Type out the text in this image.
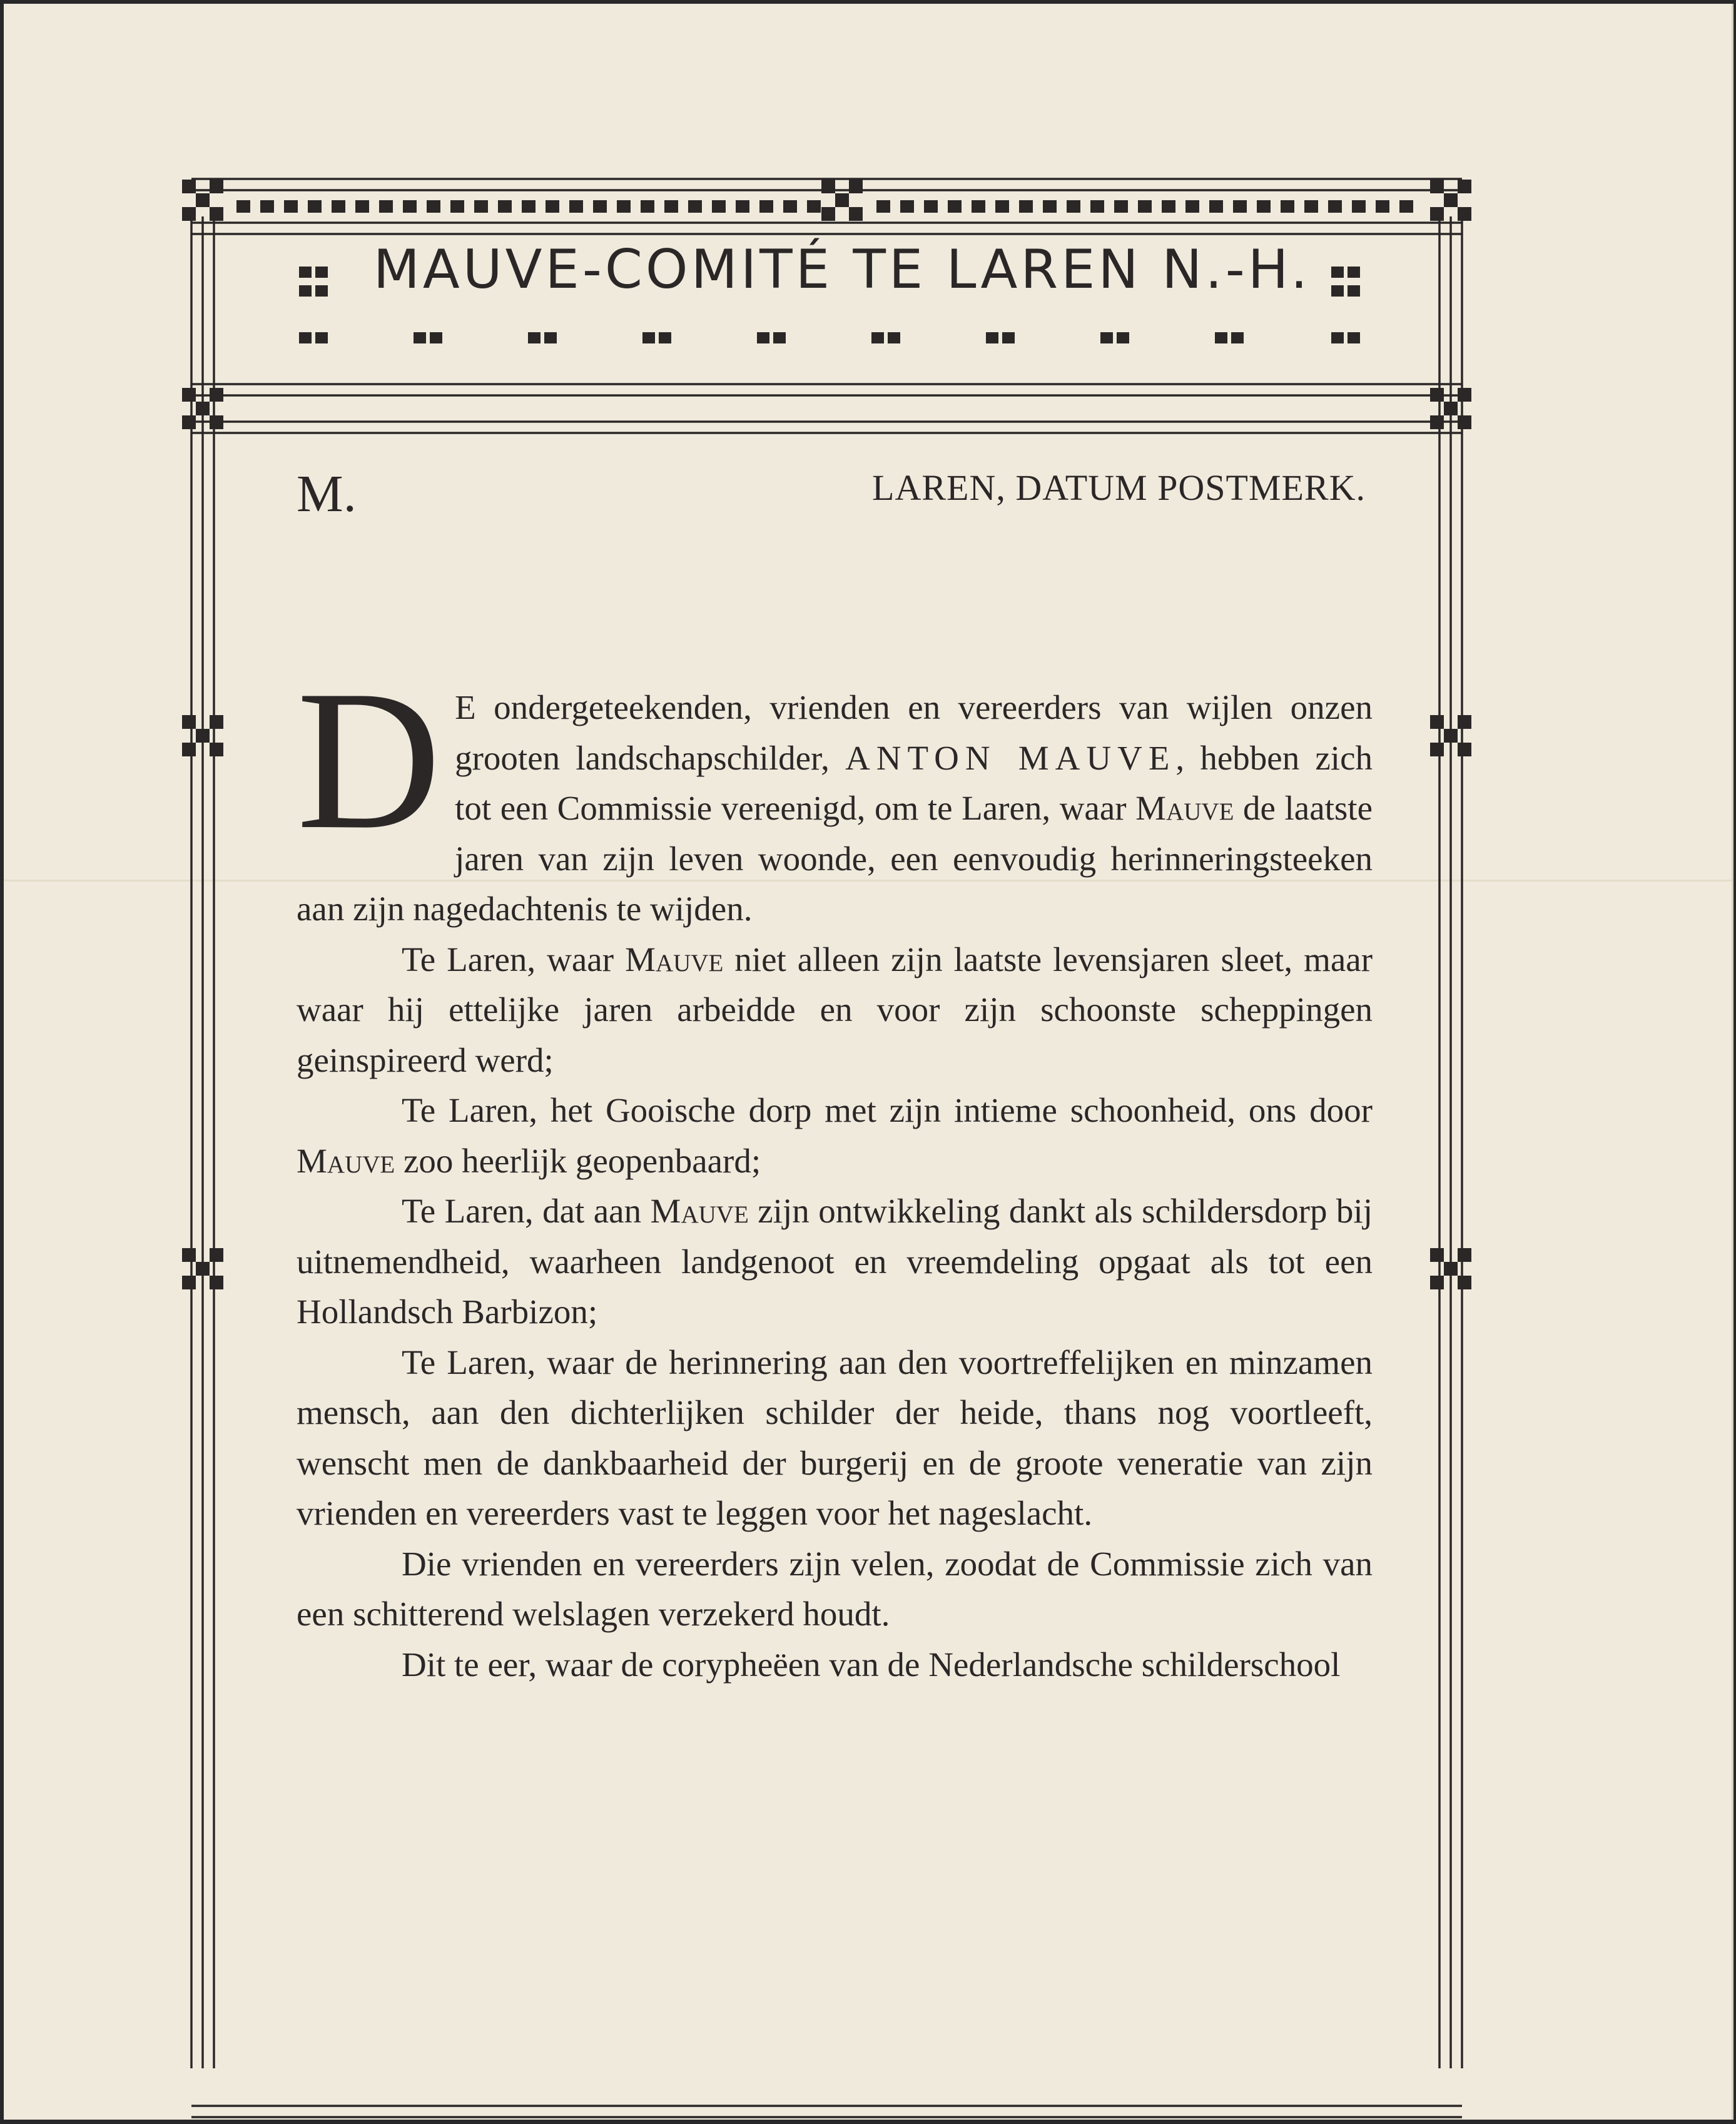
MAUVE-COMITÉ TE LAREN N.-H.
M.	LAREN, DATUM POSTMERK.

D E ondergeteekenden, vrienden en vereerders van wijlen onzen grooten landschapschilder, ANTON MAUVE, hebben zich tot een Commissie vereenigd, om te Laren, waar Mauve de laatste jaren van zijn leven woonde, een eenvoudig herinneringsteeken aan zijn nagedachtenis te wijden.

Te Laren, waar Mauve niet alleen zijn laatste levensjaren sleet, maar waar hij ettelijke jaren arbeidde en voor zijn schoonste scheppingen geinspireerd werd;

Te Laren, het Gooische dorp met zijn intieme schoonheid, ons door Mauve zoo heerlijk geopenbaard;

Te Laren, dat aan Mauve zijn ontwikkeling dankt als schildersdorp bij uitnemendheid, waarheen landgenoot en vreemdeling opgaat als tot een Hollandsch Barbizon;

Te Laren, waar de herinnering aan den voortreffelijken en minzamen mensch, aan den dichterlijken schilder der heide, thans nog voortleeft, wenscht men de dankbaarheid der burgerij en de groote veneratie van zijn vrienden en vereerders vast te leggen voor het nageslacht.

Die vrienden en vereerders zijn velen, zoodat de Commissie zich van een schitterend welslagen verzekerd houdt.

Dit te eer, waar de corypheëen van de Nederlandsche schilderschool
